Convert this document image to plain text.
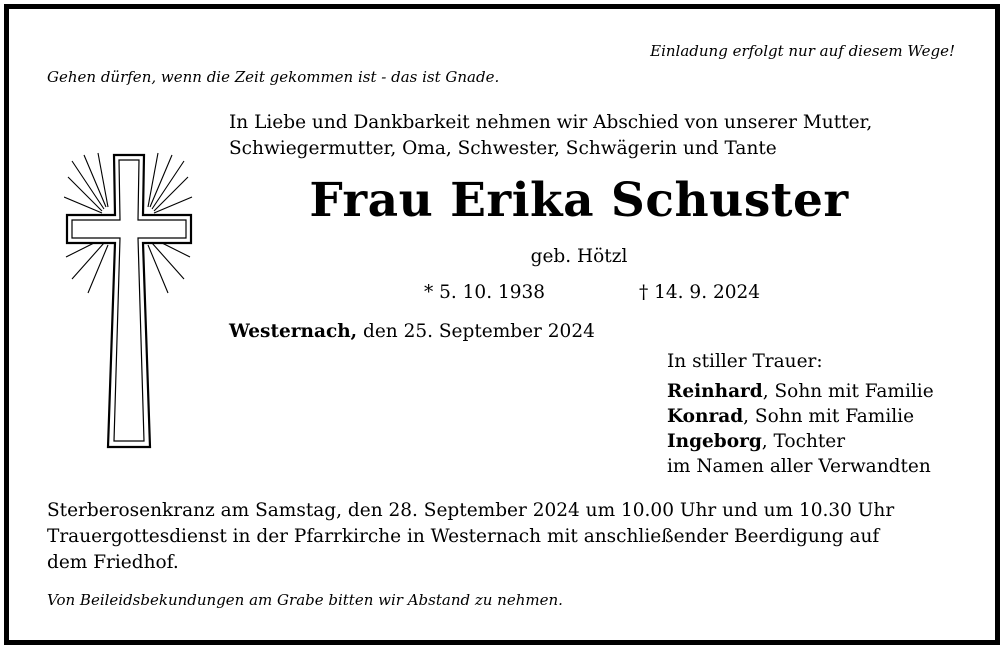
Einladung erfolgt nur auf diesem Wege!
Gehen dürfen, wenn die Zeit gekommen ist - das ist Gnade.
In Liebe und Dankbarkeit nehmen wir Abschied von unserer Mutter,
Schwiegermutter, Oma, Schwester, Schwägerin und Tante
Frau Erika Schuster
geb. Hötzl
* 5. 10. 1938	† 14. 9. 2024
Westernach, den 25. September 2024
In stiller Trauer:
Reinhard, Sohn mit Familie
Konrad, Sohn mit Familie
Ingeborg, Tochter
im Namen aller Verwandten
Sterberosenkranz am Samstag, den 28. September 2024 um 10.00 Uhr und um 10.30 Uhr
Trauergottesdienst in der Pfarrkirche in Westernach mit anschließender Beerdigung auf
dem Friedhof.
Von Beileidsbekundungen am Grabe bitten wir Abstand zu nehmen.
